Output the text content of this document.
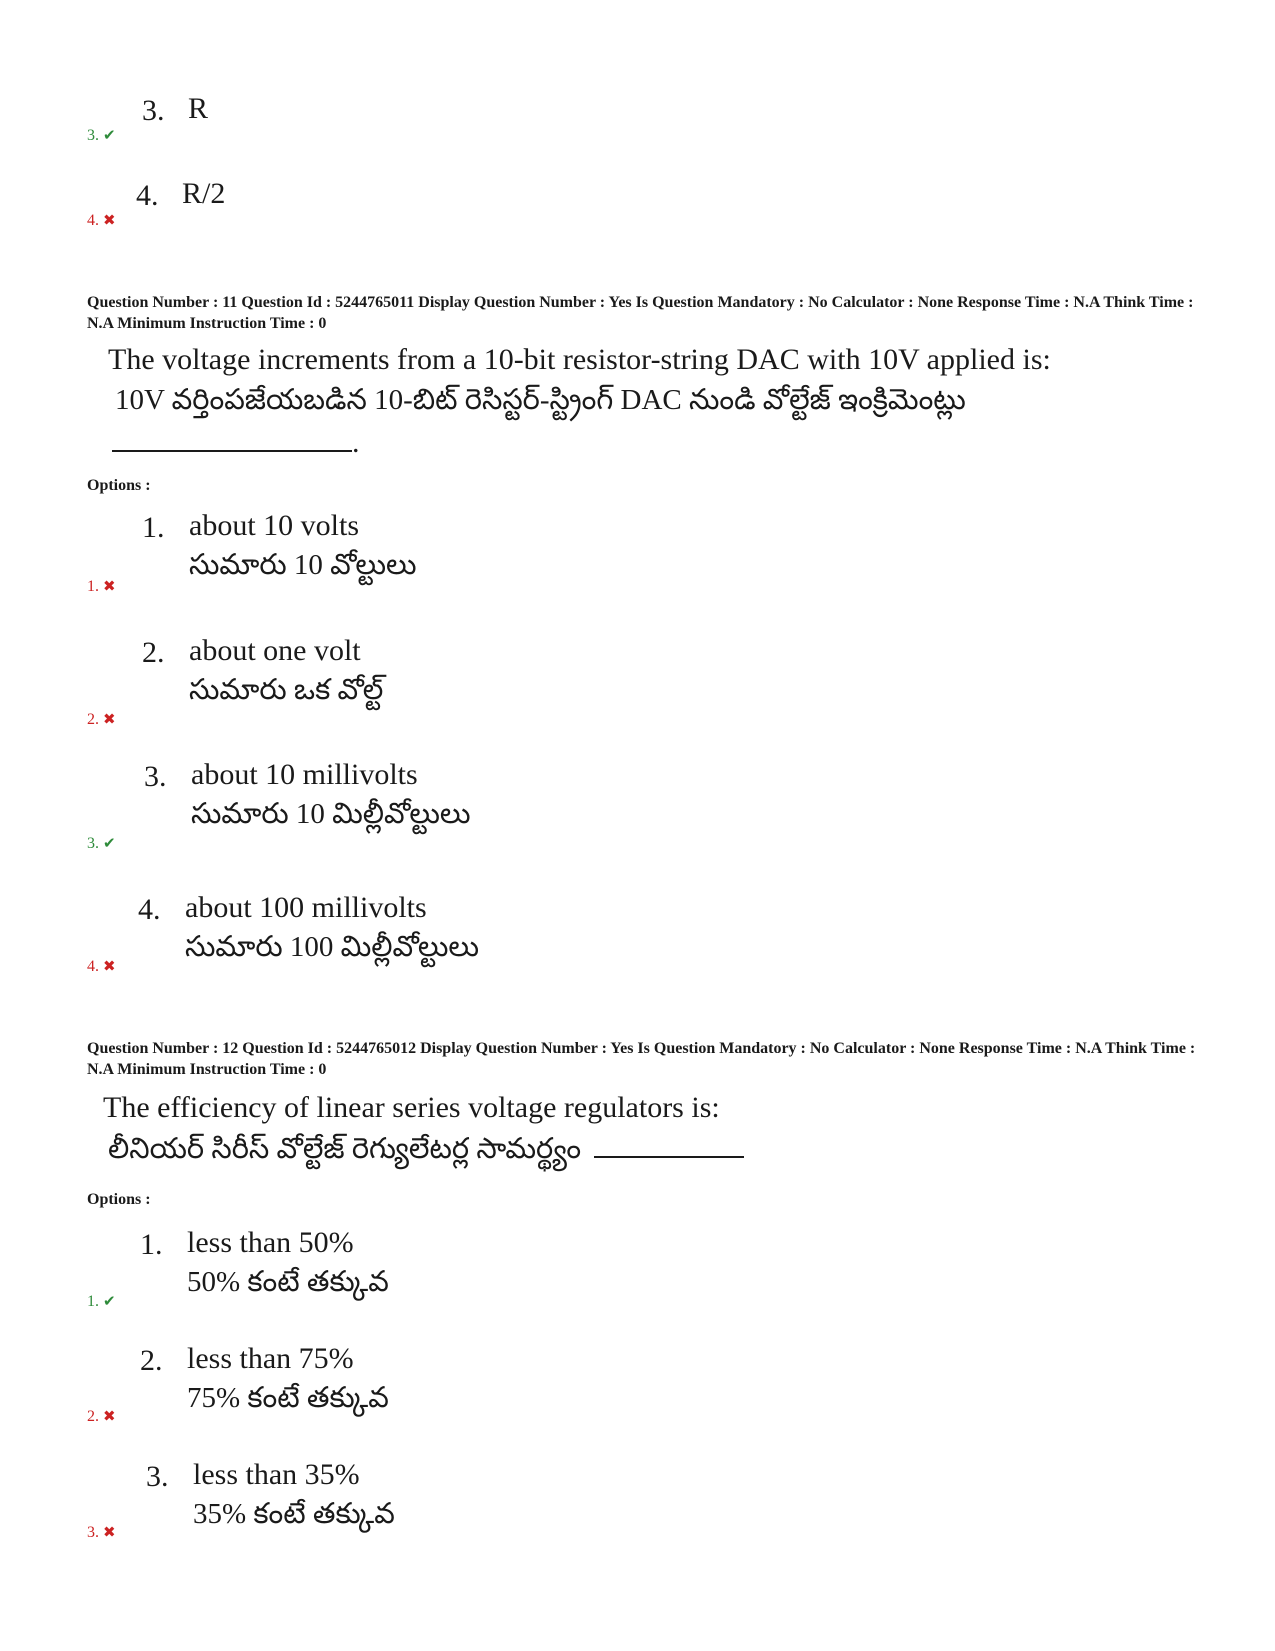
3. R
3. ✔
4. R/2
4. ✖
Question Number : 11 Question Id : 5244765011 Display Question Number : Yes Is Question Mandatory : No Calculator : None Response Time : N.A Think Time : N.A Minimum Instruction Time : 0
The voltage increments from a 10-bit resistor-string DAC with 10V applied is:
10V వర్తింపజేయబడిన 10-బిట్ రెసిస్టర్-స్ట్రింగ్ DAC నుండి వోల్టేజ్ ఇంక్రిమెంట్లు
.
Options :
1. about 10 volts
సుమారు 10 వోల్టులు
1. ✖
2. about one volt
సుమారు ఒక వోల్ట్
2. ✖
3. about 10 millivolts
సుమారు 10 మిల్లీవోల్టులు
3. ✔
4. about 100 millivolts
సుమారు 100 మిల్లీవోల్టులు
4. ✖
Question Number : 12 Question Id : 5244765012 Display Question Number : Yes Is Question Mandatory : No Calculator : None Response Time : N.A Think Time : N.A Minimum Instruction Time : 0
The efficiency of linear series voltage regulators is:
లీనియర్ సిరీస్ వోల్టేజ్ రెగ్యులేటర్ల సామర్థ్యం
Options :
1. less than 50%
50% కంటే తక్కువ
1. ✔
2. less than 75%
75% కంటే తక్కువ
2. ✖
3. less than 35%
35% కంటే తక్కువ
3. ✖
